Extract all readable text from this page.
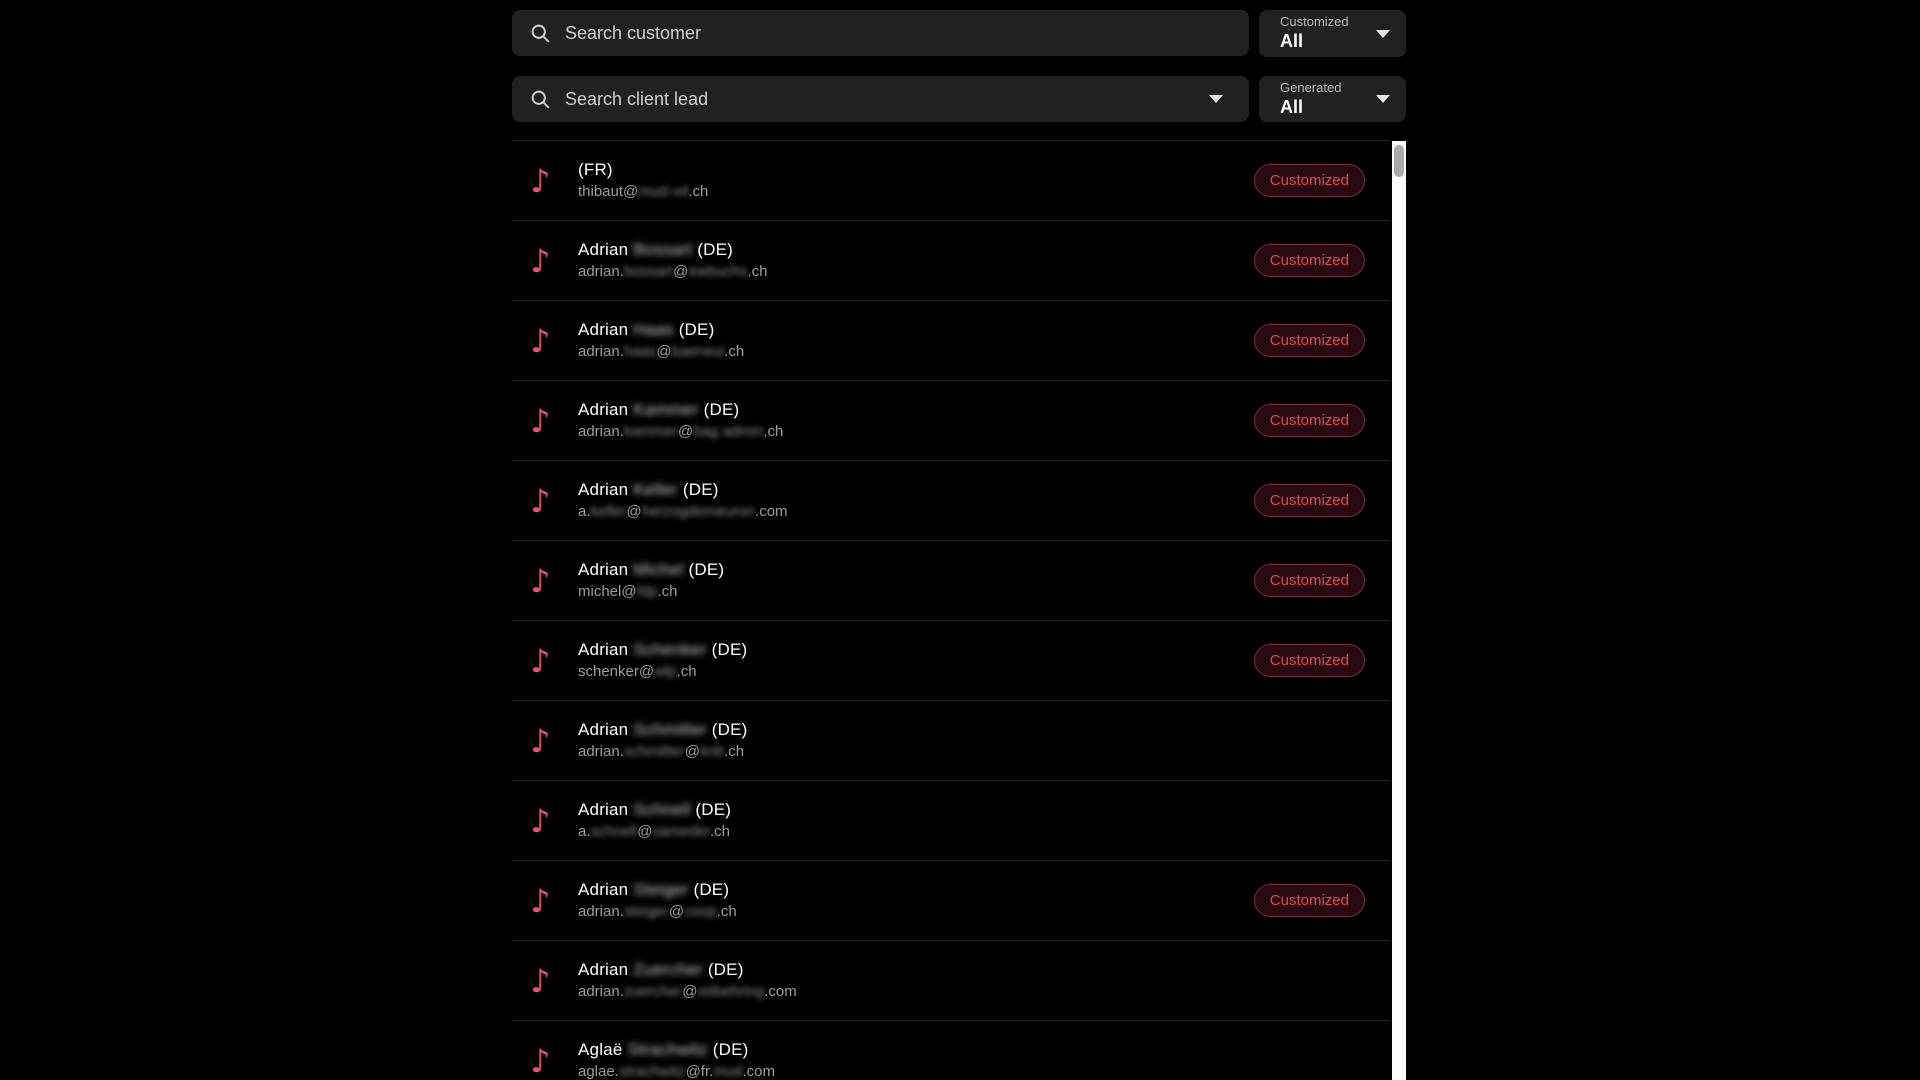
Search customer
Customized
All
Search client lead
Generated
All
♪	(FR)
thibaut@mud-vd.ch
Customized
♪	Adrian Bossart (DE)
adrian.bossart@ewbuchs.ch
Customized
♪	Adrian Haas (DE)
adrian.haas@baerwui.ch
Customized
♪	Adrian Kammer (DE)
adrian.kammer@bag admin.ch
Customized
♪	Adrian Keller (DE)
a.keller@herzogdemeuron.com
Customized
♪	Adrian Michel (DE)
michel@fdp.ch
Customized
♪	Adrian Schenker (DE)
schenker@wlp.ch
Customized
♪	Adrian Schmitter (DE)
adrian.schmitter@knb.ch
♪	Adrian Schnell (DE)
a.schnell@sameder.ch
♪	Adrian Steiger (DE)
adrian.steiger@coop.ch
Customized
♪	Adrian Zuercher (DE)
adrian.zuercher@reibehring.com
♪	Aglaë Strachwitz (DE)
aglae.strachwitz@fr.mud.com
